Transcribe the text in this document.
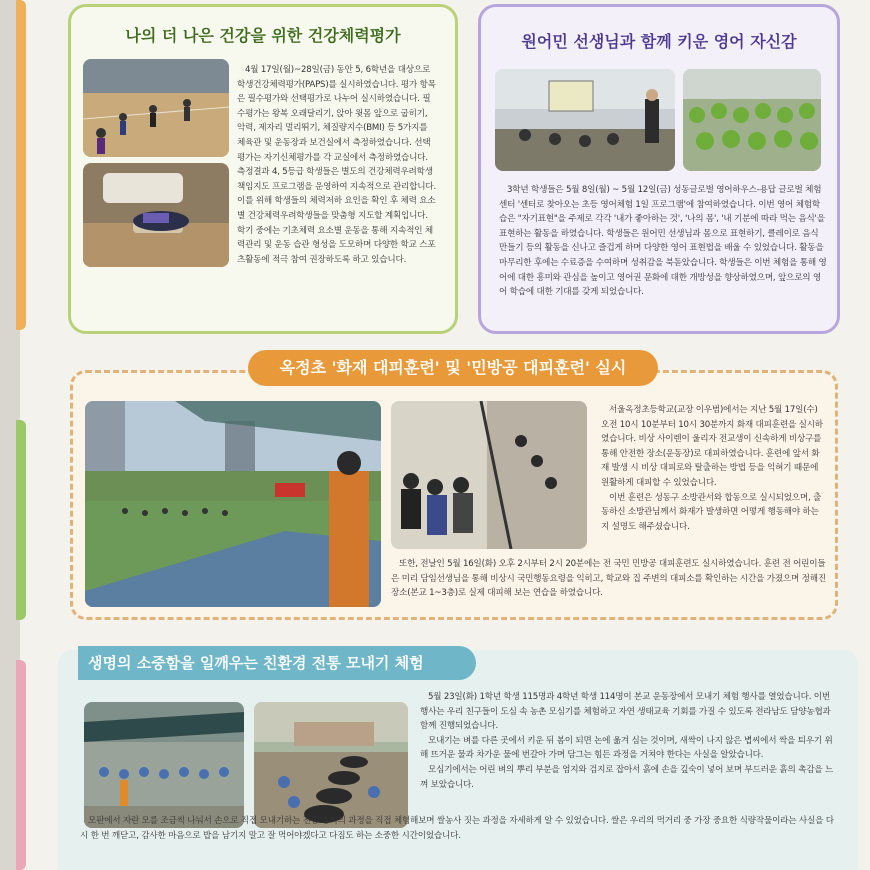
나의 더 나은 건강을 위한 건강체력평가

4월 17일(월)~28일(금) 동안 5, 6학년을 대상으로 학생건강체력평가(PAPS)를 실시하였습니다. 평가 항목은 필수평가와 선택평가로 나누어 실시하였습니다. 필수평가는 왕복 오래달리기, 앉아 윗몸 앞으로 굽히기, 악력, 제자리 멀리뛰기, 체질량지수(BMI) 등 5가지를 체육관 및 운동장과 보건실에서 측정하였습니다. 선택평가는 자기신체평가를 각 교실에서 측정하였습니다. 측정결과 4, 5등급 학생들은 별도의 건강체력우려학생 책임지도 프로그램을 운영하여 지속적으로 관리합니다. 이를 위해 학생들의 체력저하 요인을 확인 후 체력 요소별 건강체력우려학생들을 맞춤형 지도할 계획입니다. 학기 중에는 기초체력 요소별 운동을 통해 지속적인 체력관리 및 운동 습관 형성을 도모하며 다양한 학교 스포츠활동에 적극 참여 권장하도록 하고 있습니다.

원어민 선생님과 함께 키운 영어 자신감

3학년 학생들은 5월 8일(월) ~ 5월 12일(금) 성동글로벌 영어하우스-용답 글로벌 체험센터 '센터로 찾아오는 초등 영어체험 1일 프로그램'에 참여하였습니다. 이번 영어 체험학습은 "자기표현"을 주제로 각각 '내가 좋아하는 것', '나의 몸', '내 기분에 따라 먹는 음식'을 표현하는 활동을 하였습니다. 학생들은 원어민 선생님과 몸으로 표현하기, 클레이로 음식 만들기 등의 활동을 신나고 즐겁게 하며 다양한 영어 표현법을 배울 수 있었습니다. 활동을 마무리한 후에는 수료증을 수여하며 성취감을 북돋았습니다. 학생들은 이번 체험을 통해 영어에 대한 흥미와 관심을 높이고 영어권 문화에 대한 개방성을 향상하였으며, 앞으로의 영어 학습에 대한 기대를 갖게 되었습니다.

옥정초 '화재 대피훈련' 및 '민방공 대피훈련' 실시

서울옥정초등학교(교장 이우범)에서는 지난 5월 17일(수) 오전 10시 10분부터 10시 30분까지 화재 대피훈련을 실시하였습니다. 비상 사이렌이 울리자 전교생이 신속하게 비상구를 통해 안전한 장소(운동장)로 대피하였습니다. 훈련에 앞서 화재 발생 시 비상 대피로와 탈출하는 방법 등을 익혀기 때문에 원활하게 대피할 수 있었습니다.

이번 훈련은 성동구 소방관서와 합동으로 실시되었으며, 출동하신 소방관님께서 화재가 발생하면 어떻게 행동해야 하는지 설명도 해주셨습니다.

또한, 전날인 5월 16일(화) 오후 2시부터 2시 20분에는 전 국민 민방공 대피훈련도 실시하였습니다. 훈련 전 어린이들은 미리 담임선생님을 통해 비상시 국민행동요령을 익히고, 학교와 집 주변의 대피소를 확인하는 시간을 가졌으며 정해진 장소(본교 1~3층)로 실제 대피해 보는 연습을 하였습니다.

5월 23일(화) 1학년 학생 115명과 4학년 학생 114명이 본교 운동장에서 모내기 체험 행사를 열었습니다. 이번 행사는 우리 친구들이 도심 속 농촌 모심기를 체험하고 자연 생태교육 기회를 가질 수 있도록 전라남도 담양농협과 함께 진행되었습니다.

모내기는 벼를 다른 곳에서 키운 뒤 봄이 되면 논에 옮겨 심는 것이며, 새싹이 나지 않은 볍씨에서 싹을 틔우기 위해 뜨거운 물과 차가운 물에 번갈아 가며 담그는 힘든 과정을 거쳐야 한다는 사실을 알았습니다.

모심기에서는 어린 벼의 뿌리 부분을 엄지와 검지로 잡아서 흙에 손을 깊숙이 넣어 보며 부드러운 흙의 촉감을 느껴 보았습니다.

모판에서 자란 모를 조금씩 나눠서 손으로 직접 모내기하는 전통 방식의 과정을 직접 체험해보며 쌀농사 짓는 과정을 자세하게 알 수 있었습니다. 쌀은 우리의 먹거리 중 가장 중요한 식량작물이라는 사실을 다시 한 번 깨닫고, 감사한 마음으로 밥을 남기지 말고 잘 먹어야겠다고 다짐도 하는 소중한 시간이었습니다.

생명의 소중함을 일깨우는 친환경 전통 모내기 체험
